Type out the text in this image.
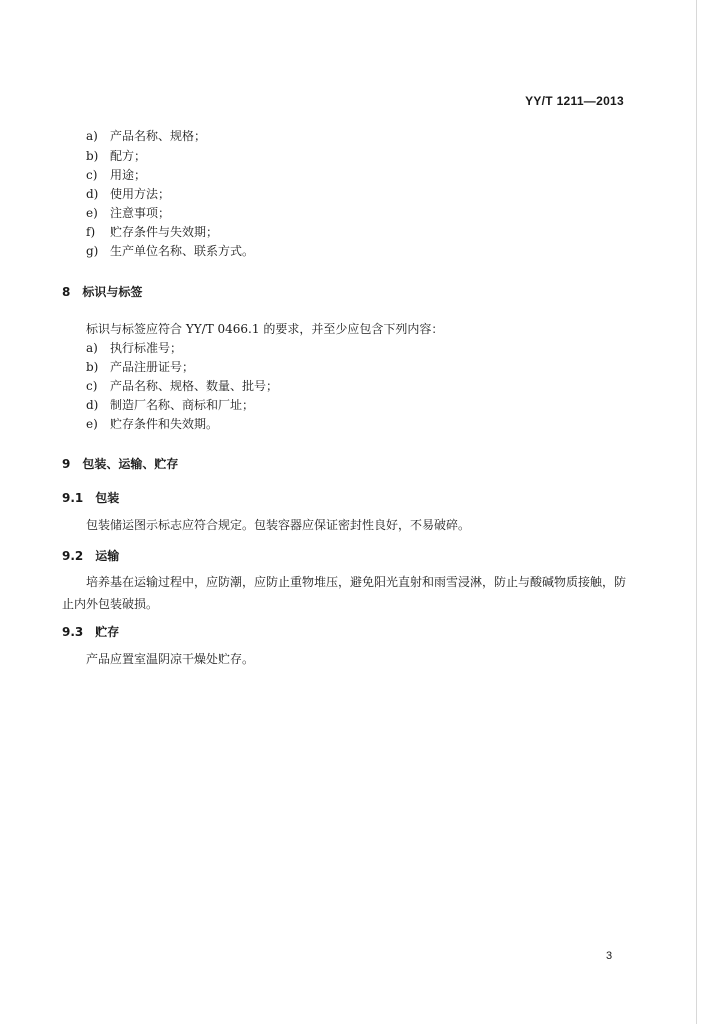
YY/T 1211—2013
a) 产品名称、规格；
b) 配方；
c) 用途；
d) 使用方法；
e) 注意事项；
f) 贮存条件与失效期；
g) 生产单位名称、联系方式。
8 标识与标签
标识与标签应符合 YY/T 0466.1 的要求，并至少应包含下列内容：
a) 执行标准号；
b) 产品注册证号；
c) 产品名称、规格、数量、批号；
d) 制造厂名称、商标和厂址；
e) 贮存条件和失效期。
9 包装、运输、贮存
9.1 包装
包装储运图示标志应符合规定。包装容器应保证密封性良好，不易破碎。
9.2 运输
培养基在运输过程中，应防潮，应防止重物堆压，避免阳光直射和雨雪浸淋，防止与酸碱物质接触，防止内外包装破损。
9.3 贮存
产品应置室温阴凉干燥处贮存。
3
